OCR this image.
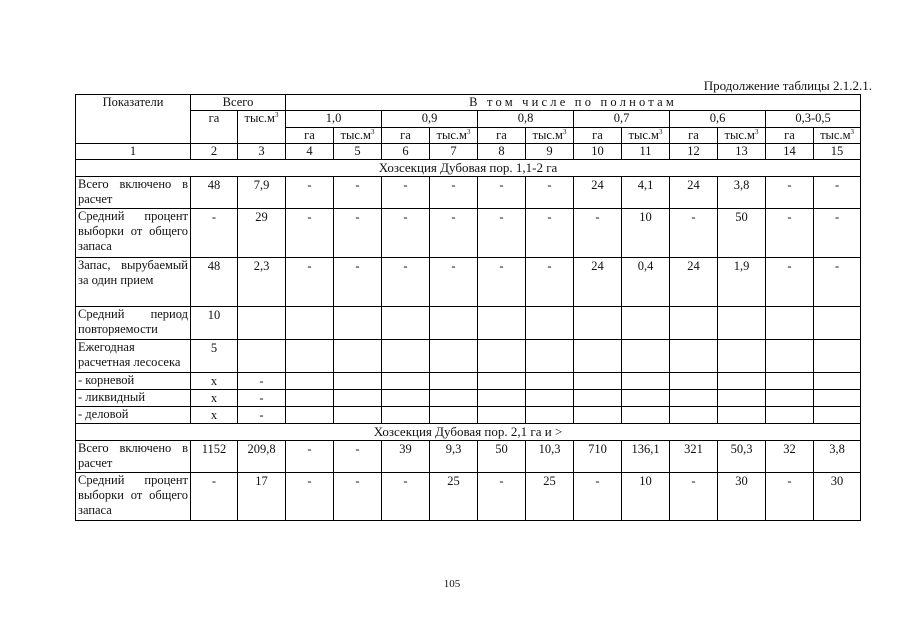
Продолжение таблицы 2.1.2.1.
Показатели	Всего		В том числе по полнотам											
	га	$тыс.м^3$	1,0		0,9		0,8		0,7		0,6		0,3-0,5	
			га	$тыс.м^3$	га	$тыс.м^3$	га	$тыс.м^3$	га	$тыс.м^3$	га	$тыс.м^3$	га	$тыс.м^3$
1	2	3	4	5	6	7	8	9	10	11	12	13	14	15
Хозсекция Дубовая пор. 1,1-2 га														
Всего включено в расчет	48	7,9	-	-	-	-	-	-	24	4,1	24	3,8	-	-
Средний процент выборки от общего запаса	-	29	-	-	-	-	-	-	-	10	-	50	-	-
Запас, вырубаемый за один прием	48	2,3	-	-	-	-	-	-	24	0,4	24	1,9	-	-
Средний период повторяемости	10													
Ежегодная расчетная лесосека	5													
- корневой	х	-												
- ликвидный	х	-												
- деловой	х	-												
Хозсекция Дубовая пор. 2,1 га и >														
Всего включено в расчет	1152	209,8	-	-	39	9,3	50	10,3	710	136,1	321	50,3	32	3,8
Средний процент выборки от общего запаса	-	17	-	-	-	25	-	25	-	10	-	30	-	30
105
